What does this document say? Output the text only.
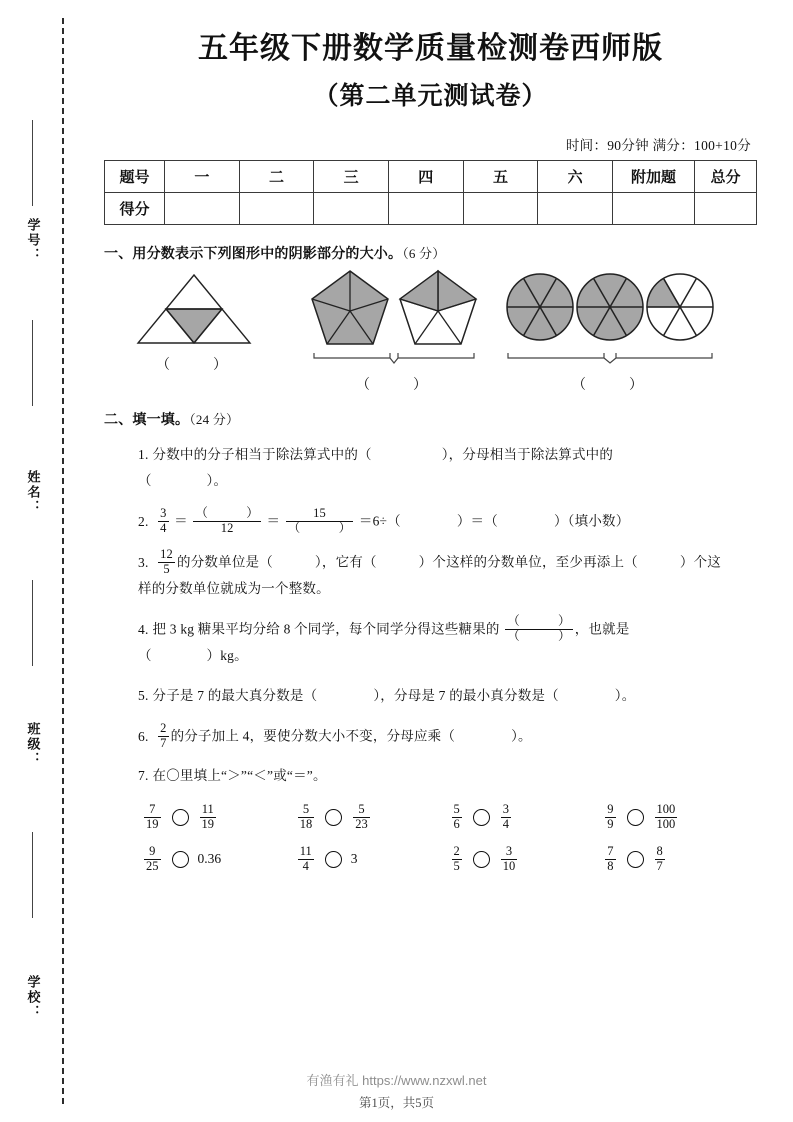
学号：
姓名：
班级：
学校：
五年级下册数学质量检测卷西师版
（第二单元测试卷）
时间：90分钟 满分：100+10分
题号	一	二	三	四	五	六	附加题	总分
得分								
一、用分数表示下列图形中的阴影部分的大小。（6 分）
（　　）
（　　）	（　　）
二、填一填。（24 分）
1. 分数中的分子相当于除法算式中的（	），分母相当于除法算式中的
（　　　　）。
2. $\frac{3}{4} = \frac{( )}{12} = \frac{15}{( )} =6\div$（	）＝（	）（填小数）
3. $\frac{12}{5}$ 的分数单位是（	），它有（	）个这样的分数单位，至少再添上（	）个这
样的分数单位就成为一个整数。
4. 把 3 kg 糖果平均分给 8 个同学，每个同学分得这些糖果的 $\frac{( )}{( )}$ ，也就是
（　　　　）kg。
5. 分子是 7 的最大真分数是（	），分母是 7 的最小真分数是（	）。
6. $\frac{2}{7}$ 的分子加上 4，要使分数大小不变，分母应乘（	）。
7. 在〇里填上“＞”“＜”或“＝”。
$\frac{7}{19}$	$\frac{11}{19}$	$\frac{5}{18}$	$\frac{5}{23}$	$\frac{5}{6}$	$\frac{3}{4}$	$\frac{9}{9}$	$\frac{100}{100}$
$\frac{9}{25}$	0.36	$\frac{11}{4}$	3	$\frac{2}{5}$	$\frac{3}{10}$	$\frac{7}{8}$	$\frac{8}{7}$
有渔有礼 https://www.nzxwl.net
第1页，共5页
